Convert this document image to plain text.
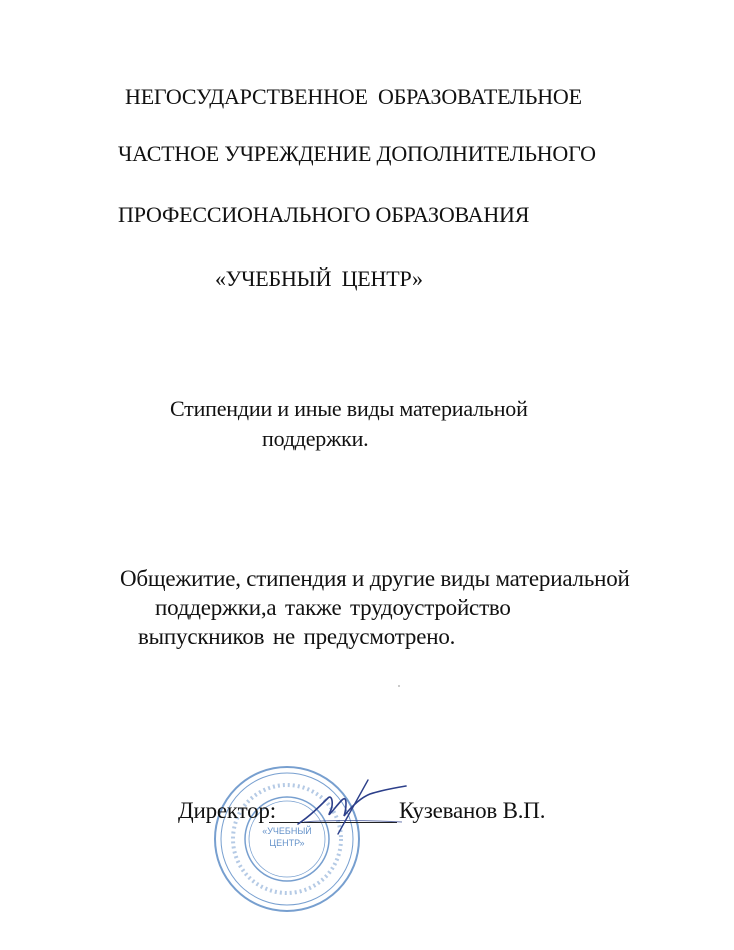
НЕГОСУДАРСТВЕННОЕ ОБРАЗОВАТЕЛЬНОЕ
ЧАСТНОЕ УЧРЕЖДЕНИЕ ДОПОЛНИТЕЛЬНОГО
ПРОФЕССИОНАЛЬНОГО ОБРАЗОВАНИЯ
«УЧЕБНЫЙ ЦЕНТР»
Стипендии и иные виды материальной
поддержки.
Общежитие, стипендия и другие виды материальной
поддержки,а также трудоустройство
выпускников не предусмотрено.
«УЧЕБНЫЙ
ЦЕНТР»
Директор:	Кузеванов В.П.
